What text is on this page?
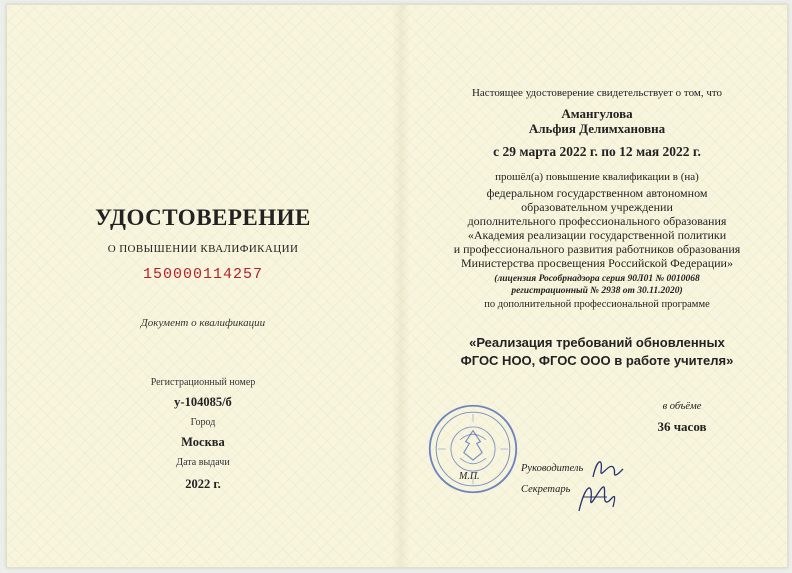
УДОСТОВЕРЕНИЕ
О ПОВЫШЕНИИ КВАЛИФИКАЦИИ
150000114257
Документ о квалификации
Регистрационный номер
у-104085/б
Город
Москва
Дата выдачи
2022 г.
Настоящее удостоверение свидетельствует о том, что
Амангулова
Альфия Делимхановна
с 29 марта 2022 г. по 12 мая 2022 г.
прошёл(а) повышение квалификации в (на)
федеральном государственном автономном
образовательном учреждении
дополнительного профессионального образования
«Академия реализации государственной политики
и профессионального развития работников образования
Министерства просвещения Российской Федерации»
(лицензия Рособрнадзора серия 90Л01 № 0010068
регистрационный № 2938 от 30.11.2020)
по дополнительной профессиональной программе
«Реализация требований обновленных
ФГОС НОО, ФГОС ООО в работе учителя»
в объёме
36 часов
М.П.
Руководитель
Секретарь
